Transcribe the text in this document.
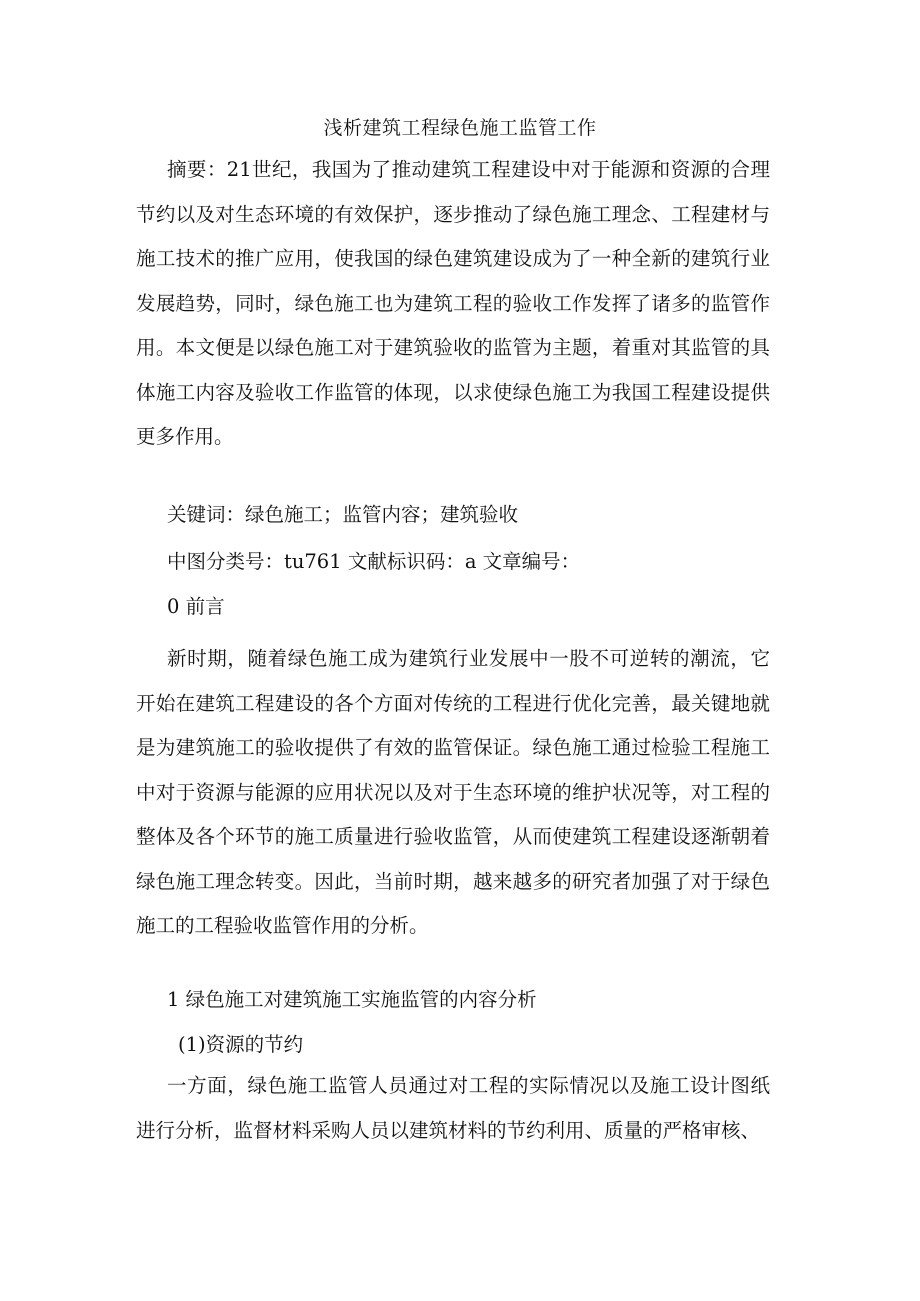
浅析建筑工程绿色施工监管工作

摘要：21世纪，我国为了推动建筑工程建设中对于能源和资源的合理节约以及对生态环境的有效保护，逐步推动了绿色施工理念、工程建材与施工技术的推广应用，使我国的绿色建筑建设成为了一种全新的建筑行业发展趋势，同时，绿色施工也为建筑工程的验收工作发挥了诸多的监管作用。本文便是以绿色施工对于建筑验收的监管为主题，着重对其监管的具体施工内容及验收工作监管的体现，以求使绿色施工为我国工程建设提供更多作用。

关键词：绿色施工；监管内容；建筑验收

中图分类号：tu761 文献标识码：a 文章编号：

0 前言

新时期，随着绿色施工成为建筑行业发展中一股不可逆转的潮流，它开始在建筑工程建设的各个方面对传统的工程进行优化完善，最关键地就是为建筑施工的验收提供了有效的监管保证。绿色施工通过检验工程施工中对于资源与能源的应用状况以及对于生态环境的维护状况等，对工程的整体及各个环节的施工质量进行验收监管，从而使建筑工程建设逐渐朝着绿色施工理念转变。因此，当前时期，越来越多的研究者加强了对于绿色施工的工程验收监管作用的分析。

1 绿色施工对建筑施工实施监管的内容分析

(1)资源的节约

一方面，绿色施工监管人员通过对工程的实际情况以及施工设计图纸进行分析，监督材料采购人员以建筑材料的节约利用、质量的严格审核、
